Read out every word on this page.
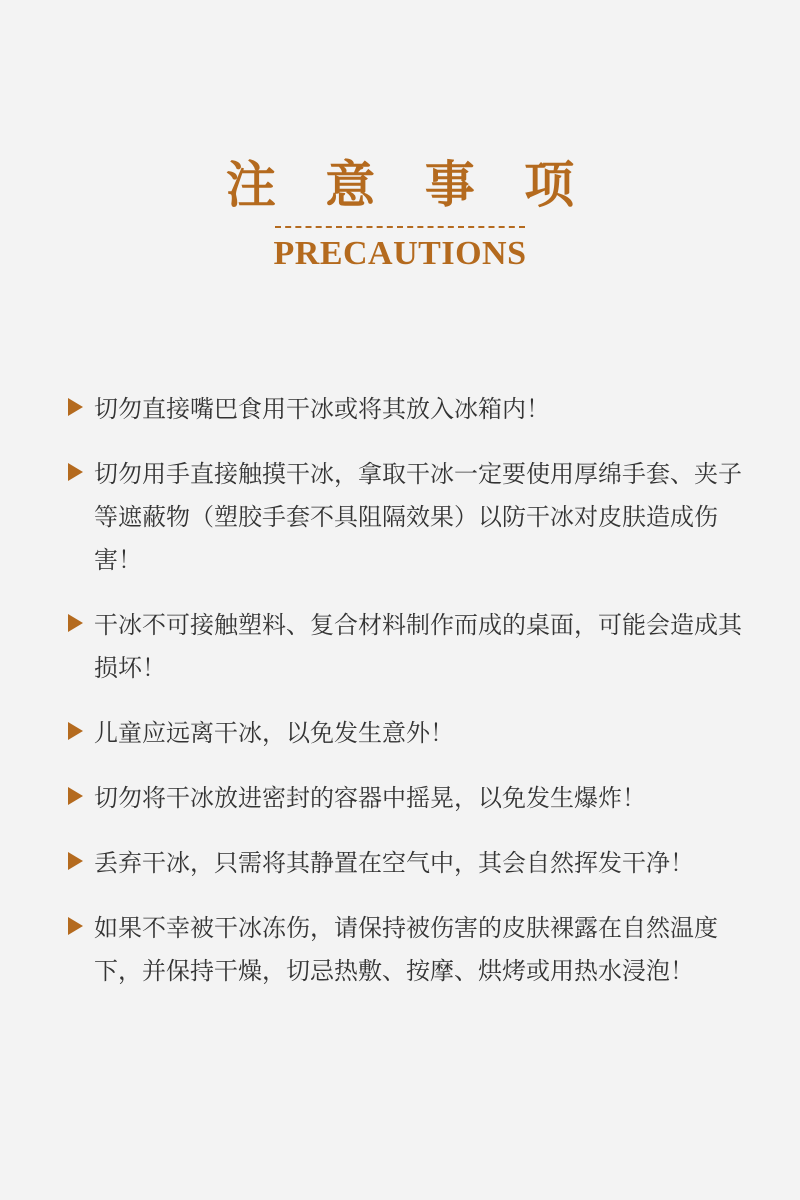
注 意 事 项
PRECAUTIONS
切勿直接嘴巴食用干冰或将其放入冰箱内！
切勿用手直接触摸干冰，拿取干冰一定要使用厚绵手套、夹子等遮蔽物（塑胶手套不具阻隔效果）以防干冰对皮肤造成伤害！
干冰不可接触塑料、复合材料制作而成的桌面，可能会造成其损坏！
儿童应远离干冰，以免发生意外！
切勿将干冰放进密封的容器中摇晃，以免发生爆炸！
丢弃干冰，只需将其静置在空气中，其会自然挥发干净！
如果不幸被干冰冻伤，请保持被伤害的皮肤裸露在自然温度下，并保持干燥，切忌热敷、按摩、烘烤或用热水浸泡！
